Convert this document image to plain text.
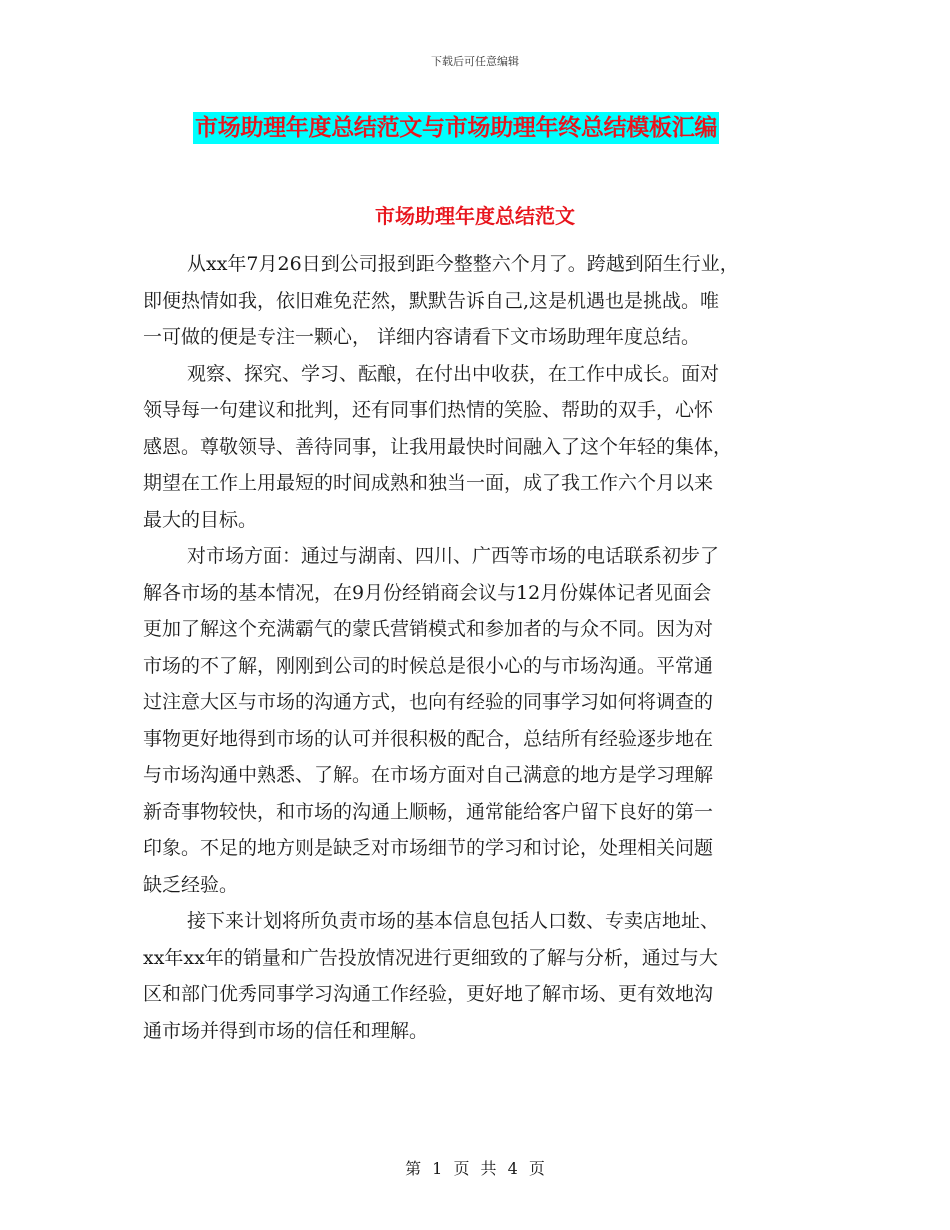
下载后可任意编辑
市场助理年度总结范文与市场助理年终总结模板汇编
市场助理年度总结范文

从xx年7月26日到公司报到距今整整六个月了。跨越到陌生行业，
即便热情如我，依旧难免茫然，默默告诉自己,这是机遇也是挑战。唯
一可做的便是专注一颗心， 详细内容请看下文市场助理年度总结。

观察、探究、学习、酝酿，在付出中收获，在工作中成长。面对
领导每一句建议和批判，还有同事们热情的笑脸、帮助的双手，心怀
感恩。尊敬领导、善待同事，让我用最快时间融入了这个年轻的集体，
期望在工作上用最短的时间成熟和独当一面，成了我工作六个月以来
最大的目标。

对市场方面：通过与湖南、四川、广西等市场的电话联系初步了
解各市场的基本情况，在9月份经销商会议与12月份媒体记者见面会
更加了解这个充满霸气的蒙氏营销模式和参加者的与众不同。因为对
市场的不了解，刚刚到公司的时候总是很小心的与市场沟通。平常通
过注意大区与市场的沟通方式，也向有经验的同事学习如何将调查的
事物更好地得到市场的认可并很积极的配合，总结所有经验逐步地在
与市场沟通中熟悉、了解。在市场方面对自己满意的地方是学习理解
新奇事物较快，和市场的沟通上顺畅，通常能给客户留下良好的第一
印象。不足的地方则是缺乏对市场细节的学习和讨论，处理相关问题
缺乏经验。

接下来计划将所负责市场的基本信息包括人口数、专卖店地址、
xx年xx年的销量和广告投放情况进行更细致的了解与分析，通过与大
区和部门优秀同事学习沟通工作经验，更好地了解市场、更有效地沟
通市场并得到市场的信任和理解。

第 1 页 共 4 页
